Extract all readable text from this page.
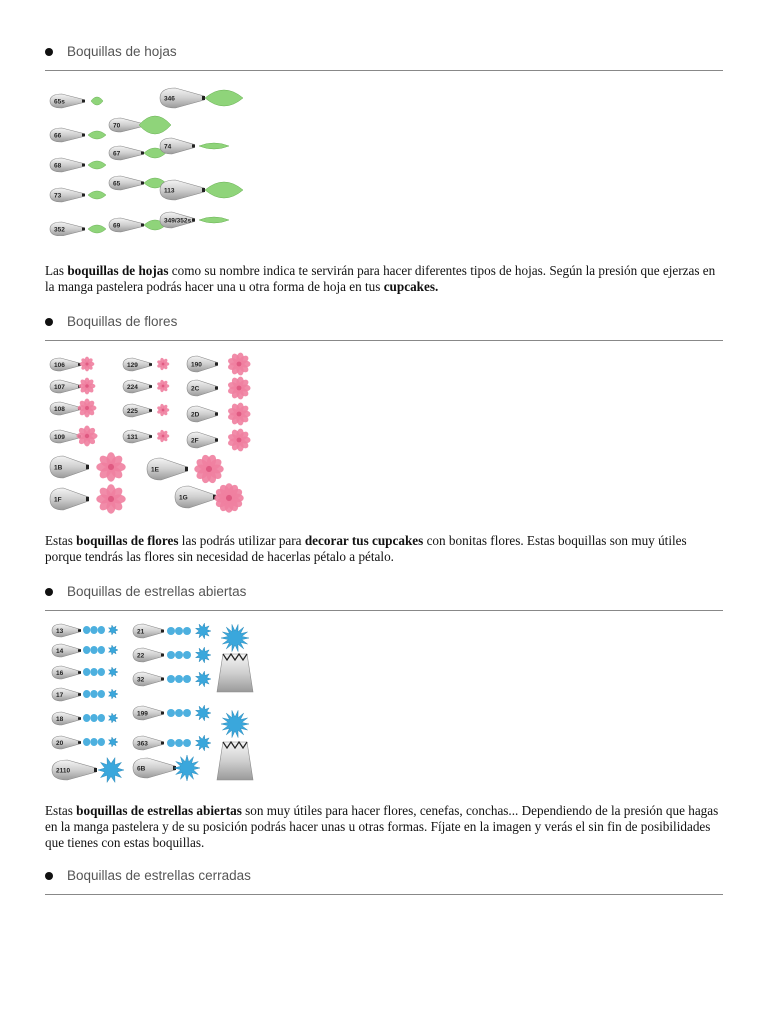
Boquillas de hojas
65s
66
68
73
352
70
67
65
69
346
74
113
349/352s
Las boquillas de hojas como su nombre indica te servirán para hacer diferentes tipos de hojas. Según la presión que ejerzas en la manga pastelera podrás hacer una u otra forma de hoja en tus cupcakes.
Boquillas de flores
106
107
108
109
1B
1F
129
224
225
131
1E
190
2C
2D
2F
1G
Estas boquillas de flores las podrás utilizar para decorar tus cupcakes con bonitas flores. Estas boquillas son muy útiles porque tendrás las flores sin necesidad de hacerlas pétalo a pétalo.
Boquillas de estrellas abiertas
13
14
16
17
18
20
2110
21
22
32
199
363
6B
Estas boquillas de estrellas abiertas son muy útiles para hacer flores, cenefas, conchas... Dependiendo de la presión que hagas en la manga pastelera y de su posición podrás hacer unas u otras formas. Fíjate en la imagen y verás el sin fin de posibilidades que tienes con estas boquillas.
Boquillas de estrellas cerradas
